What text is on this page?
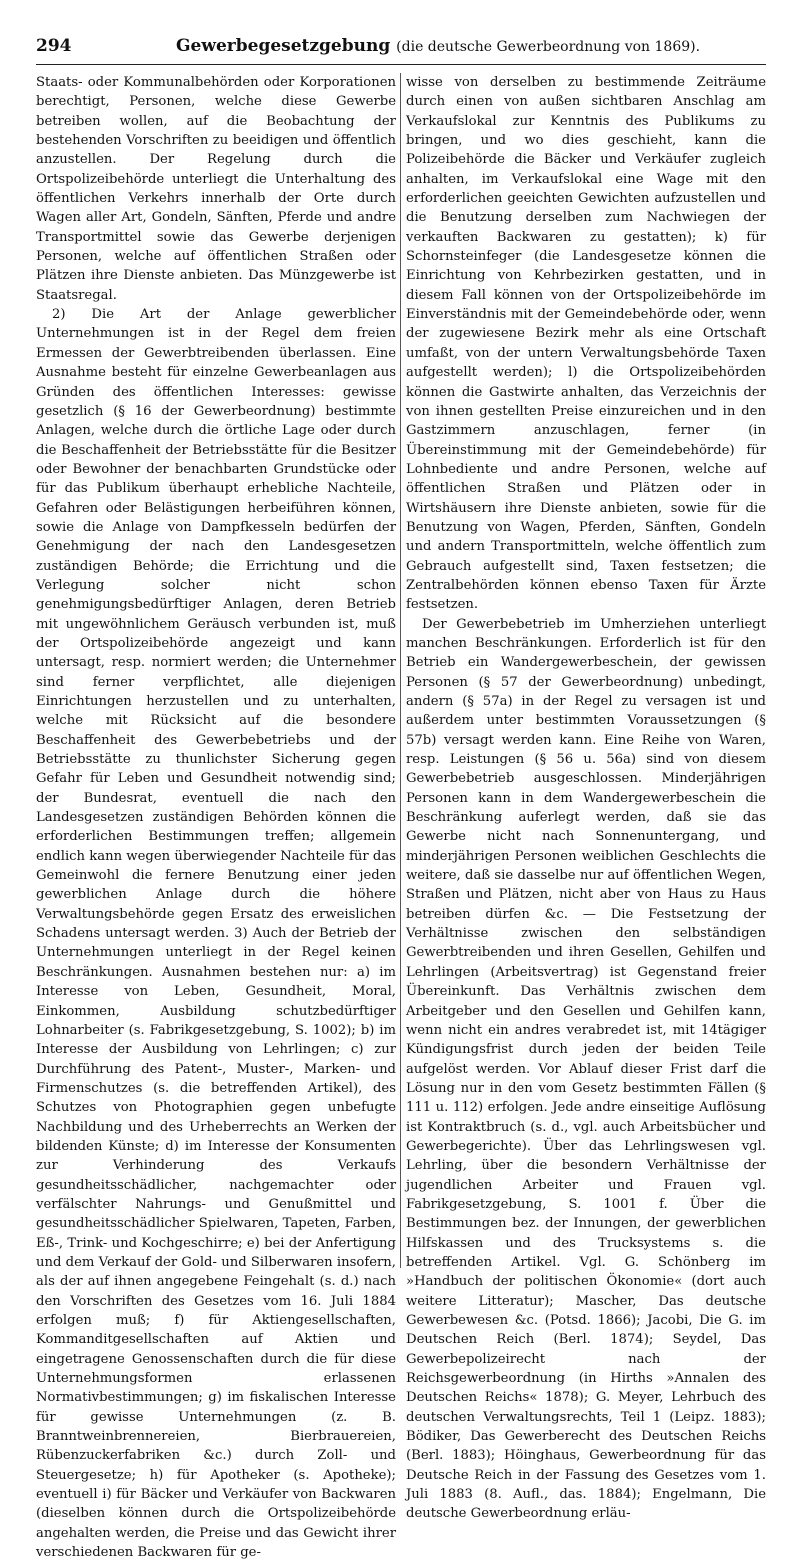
294	Gewerbegesetzgebung (die deutsche Gewerbeordnung von 1869).

Staats- oder Kommunalbehörden oder Korporationen berechtigt, Personen, welche diese Gewerbe betreiben wollen, auf die Beobachtung der bestehenden Vorschriften zu beeidigen und öffentlich anzustellen. Der Regelung durch die Ortspolizeibehörde unterliegt die Unterhaltung des öffentlichen Verkehrs innerhalb der Orte durch Wagen aller Art, Gondeln, Sänften, Pferde und andre Transportmittel sowie das Gewerbe derjenigen Personen, welche auf öffentlichen Straßen oder Plätzen ihre Dienste anbieten. Das Münzgewerbe ist Staatsregal.

2) Die Art der Anlage gewerblicher Unternehmungen ist in der Regel dem freien Ermessen der Gewerbtreibenden überlassen. Eine Ausnahme besteht für einzelne Gewerbeanlagen aus Gründen des öffentlichen Interesses: gewisse gesetzlich (§ 16 der Gewerbeordnung) bestimmte Anlagen, welche durch die örtliche Lage oder durch die Beschaffenheit der Betriebsstätte für die Besitzer oder Bewohner der benachbarten Grundstücke oder für das Publikum überhaupt erhebliche Nachteile, Gefahren oder Belästigungen herbeiführen können, sowie die Anlage von Dampfkesseln bedürfen der Genehmigung der nach den Landesgesetzen zuständigen Behörde; die Errichtung und die Verlegung solcher nicht schon genehmigungsbedürftiger Anlagen, deren Betrieb mit ungewöhnlichem Geräusch verbunden ist, muß der Ortspolizeibehörde angezeigt und kann untersagt, resp. normiert werden; die Unternehmer sind ferner verpflichtet, alle diejenigen Einrichtungen herzustellen und zu unterhalten, welche mit Rücksicht auf die besondere Beschaffenheit des Gewerbebetriebs und der Betriebsstätte zu thunlichster Sicherung gegen Gefahr für Leben und Gesundheit notwendig sind; der Bundesrat, eventuell die nach den Landesgesetzen zuständigen Behörden können die erforderlichen Bestimmungen treffen; allgemein endlich kann wegen überwiegender Nachteile für das Gemeinwohl die fernere Benutzung einer jeden gewerblichen Anlage durch die höhere Verwaltungsbehörde gegen Ersatz des erweislichen Schadens untersagt werden. 3) Auch der Betrieb der Unternehmungen unterliegt in der Regel keinen Beschränkungen. Ausnahmen bestehen nur: a) im Interesse von Leben, Gesundheit, Moral, Einkommen, Ausbildung schutzbedürftiger Lohnarbeiter (s. Fabrikgesetzgebung, S. 1002); b) im Interesse der Ausbildung von Lehrlingen; c) zur Durchführung des Patent-, Muster-, Marken- und Firmenschutzes (s. die betreffenden Artikel), des Schutzes von Photographien gegen unbefugte Nachbildung und des Urheberrechts an Werken der bildenden Künste; d) im Interesse der Konsumenten zur Verhinderung des Verkaufs gesundheitsschädlicher, nachgemachter oder verfälschter Nahrungs- und Genußmittel und gesundheitsschädlicher Spielwaren, Tapeten, Farben, Eß-, Trink- und Kochgeschirre; e) bei der Anfertigung und dem Verkauf der Gold- und Silberwaren insofern, als der auf ihnen angegebene Feingehalt (s. d.) nach den Vorschriften des Gesetzes vom 16. Juli 1884 erfolgen muß; f) für Aktiengesellschaften, Kommanditgesellschaften auf Aktien und eingetragene Genossenschaften durch die für diese Unternehmungsformen erlassenen Normativbestimmungen; g) im fiskalischen Interesse für gewisse Unternehmungen (z. B. Branntweinbrennereien, Bierbrauereien, Rübenzuckerfabriken &c.) durch Zoll- und Steuergesetze; h) für Apotheker (s. Apotheke); eventuell i) für Bäcker und Verkäufer von Backwaren (dieselben können durch die Ortspolizeibehörde angehalten werden, die Preise und das Gewicht ihrer verschiedenen Backwaren für ge-

wisse von derselben zu bestimmende Zeiträume durch einen von außen sichtbaren Anschlag am Verkaufslokal zur Kenntnis des Publikums zu bringen, und wo dies geschieht, kann die Polizeibehörde die Bäcker und Verkäufer zugleich anhalten, im Verkaufslokal eine Wage mit den erforderlichen geeichten Gewichten aufzustellen und die Benutzung derselben zum Nachwiegen der verkauften Backwaren zu gestatten); k) für Schornsteinfeger (die Landesgesetze können die Einrichtung von Kehrbezirken gestatten, und in diesem Fall können von der Ortspolizeibehörde im Einverständnis mit der Gemeindebehörde oder, wenn der zugewiesene Bezirk mehr als eine Ortschaft umfaßt, von der untern Verwaltungsbehörde Taxen aufgestellt werden); l) die Ortspolizeibehörden können die Gastwirte anhalten, das Verzeichnis der von ihnen gestellten Preise einzureichen und in den Gastzimmern anzuschlagen, ferner (in Übereinstimmung mit der Gemeindebehörde) für Lohnbediente und andre Personen, welche auf öffentlichen Straßen und Plätzen oder in Wirtshäusern ihre Dienste anbieten, sowie für die Benutzung von Wagen, Pferden, Sänften, Gondeln und andern Transportmitteln, welche öffentlich zum Gebrauch aufgestellt sind, Taxen festsetzen; die Zentralbehörden können ebenso Taxen für Ärzte festsetzen.

Der Gewerbebetrieb im Umherziehen unterliegt manchen Beschränkungen. Erforderlich ist für den Betrieb ein Wandergewerbeschein, der gewissen Personen (§ 57 der Gewerbeordnung) unbedingt, andern (§ 57a) in der Regel zu versagen ist und außerdem unter bestimmten Voraussetzungen (§ 57b) versagt werden kann. Eine Reihe von Waren, resp. Leistungen (§ 56 u. 56a) sind von diesem Gewerbebetrieb ausgeschlossen. Minderjährigen Personen kann in dem Wandergewerbeschein die Beschränkung auferlegt werden, daß sie das Gewerbe nicht nach Sonnenuntergang, und minderjährigen Personen weiblichen Geschlechts die weitere, daß sie dasselbe nur auf öffentlichen Wegen, Straßen und Plätzen, nicht aber von Haus zu Haus betreiben dürfen &c. — Die Festsetzung der Verhältnisse zwischen den selbständigen Gewerbtreibenden und ihren Gesellen, Gehilfen und Lehrlingen (Arbeitsvertrag) ist Gegenstand freier Übereinkunft. Das Verhältnis zwischen dem Arbeitgeber und den Gesellen und Gehilfen kann, wenn nicht ein andres verabredet ist, mit 14tägiger Kündigungsfrist durch jeden der beiden Teile aufgelöst werden. Vor Ablauf dieser Frist darf die Lösung nur in den vom Gesetz bestimmten Fällen (§ 111 u. 112) erfolgen. Jede andre einseitige Auflösung ist Kontraktbruch (s. d., vgl. auch Arbeitsbücher und Gewerbegerichte). Über das Lehrlingswesen vgl. Lehrling, über die besondern Verhältnisse der jugendlichen Arbeiter und Frauen vgl. Fabrikgesetzgebung, S. 1001 f. Über die Bestimmungen bez. der Innungen, der gewerblichen Hilfskassen und des Trucksystems s. die betreffenden Artikel. Vgl. G. Schönberg im »Handbuch der politischen Ökonomie« (dort auch weitere Litteratur); Mascher, Das deutsche Gewerbewesen &c. (Potsd. 1866); Jacobi, Die G. im Deutschen Reich (Berl. 1874); Seydel, Das Gewerbepolizeirecht nach der Reichsgewerbeordnung (in Hirths »Annalen des Deutschen Reichs« 1878); G. Meyer, Lehrbuch des deutschen Verwaltungsrechts, Teil 1 (Leipz. 1883); Bödiker, Das Gewerberecht des Deutschen Reichs (Berl. 1883); Höinghaus, Gewerbeordnung für das Deutsche Reich in der Fassung des Gesetzes vom 1. Juli 1883 (8. Aufl., das. 1884); Engelmann, Die deutsche Gewerbeordnung erläu-
